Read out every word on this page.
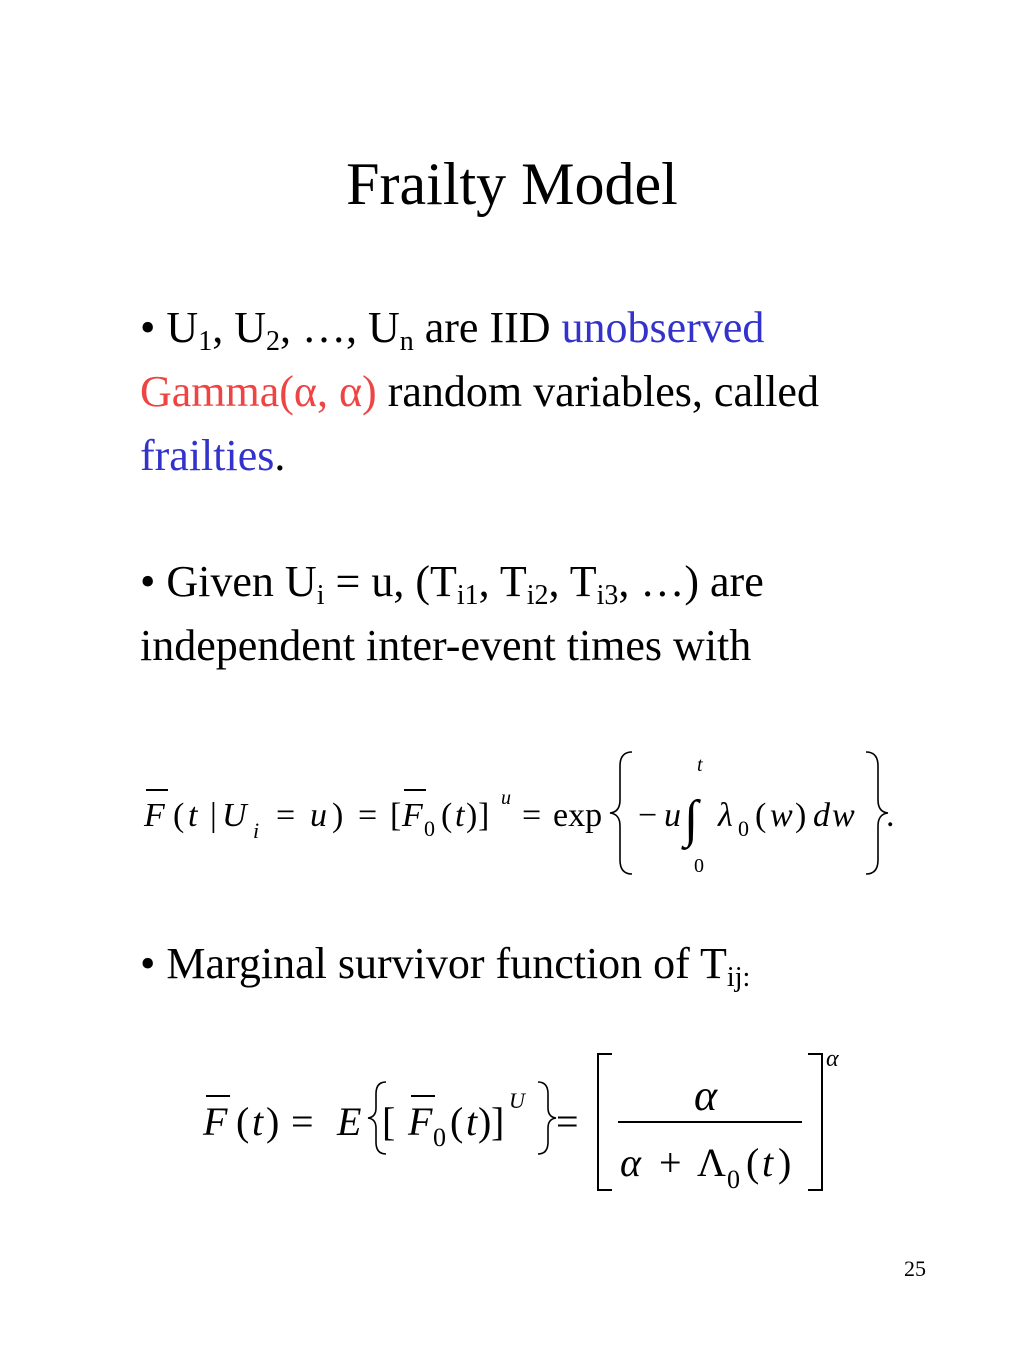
Frailty Model
• $U_1$, $U_2$, …, $U_n$ are IID unobserved Gamma(α, α) random variables, called frailties.
• Given $U_i = u$, ($T_{i1}$, $T_{i2}$, $T_{i3}$, …) are independent inter-event times with
• Marginal survivor function of $T_{ij:}$
F ( t | U i = u ) = [ F 0 ( t ) ] u = exp − u ∫
t
0
λ 0 ( w ) d w .
F ( t ) = E [ F 0 ( t ) ] U =
α
α + Λ 0 ( t )
α
25
